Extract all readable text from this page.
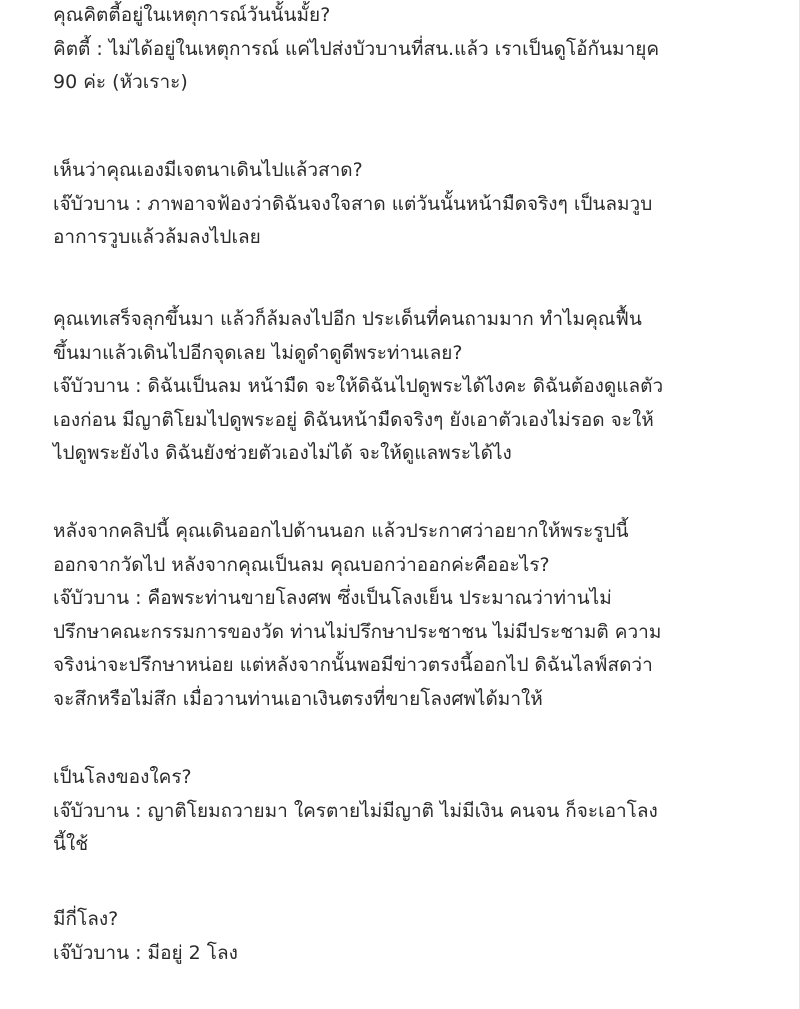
คุณคิตตี้อยู่ในเหตุการณ์วันนั้นมั้ย?

คิตตี้ : ไม่ได้อยู่ในเหตุการณ์ แค่ไปส่งบัวบานที่สน.แล้ว เราเป็นดูโอ้กันมายุค

90 ค่ะ (หัวเราะ)

เห็นว่าคุณเองมีเจตนาเดินไปแล้วสาด?

เจ๊บัวบาน : ภาพอาจฟ้องว่าดิฉันจงใจสาด แต่วันนั้นหน้ามืดจริงๆ เป็นลมวูบ

อาการวูบแล้วล้มลงไปเลย

คุณเทเสร็จลุกขึ้นมา แล้วก็ล้มลงไปอีก ประเด็นที่คนถามมาก ทำไมคุณฟื้น

ขึ้นมาแล้วเดินไปอีกจุดเลย ไม่ดูดำดูดีพระท่านเลย?

เจ๊บัวบาน : ดิฉันเป็นลม หน้ามืด จะให้ดิฉันไปดูพระได้ไงคะ ดิฉันต้องดูแลตัว

เองก่อน มีญาติโยมไปดูพระอยู่ ดิฉันหน้ามืดจริงๆ ยังเอาตัวเองไม่รอด จะให้

ไปดูพระยังไง ดิฉันยังช่วยตัวเองไม่ได้ จะให้ดูแลพระได้ไง

หลังจากคลิปนี้ คุณเดินออกไปด้านนอก แล้วประกาศว่าอยากให้พระรูปนี้

ออกจากวัดไป หลังจากคุณเป็นลม คุณบอกว่าออกค่ะคืออะไร?

เจ๊บัวบาน : คือพระท่านขายโลงศพ ซึ่งเป็นโลงเย็น ประมาณว่าท่านไม่

ปรึกษาคณะกรรมการของวัด ท่านไม่ปรึกษาประชาชน ไม่มีประชามติ ความ

จริงน่าจะปรึกษาหน่อย แต่หลังจากนั้นพอมีข่าวตรงนี้ออกไป ดิฉันไลฟ์สดว่า

จะสึกหรือไม่สึก เมื่อวานท่านเอาเงินตรงที่ขายโลงศพได้มาให้

เป็นโลงของใคร?

เจ๊บัวบาน : ญาติโยมถวายมา ใครตายไม่มีญาติ ไม่มีเงิน คนจน ก็จะเอาโลง

นี้ใช้

มีกี่โลง?

เจ๊บัวบาน : มีอยู่ 2 โลง
